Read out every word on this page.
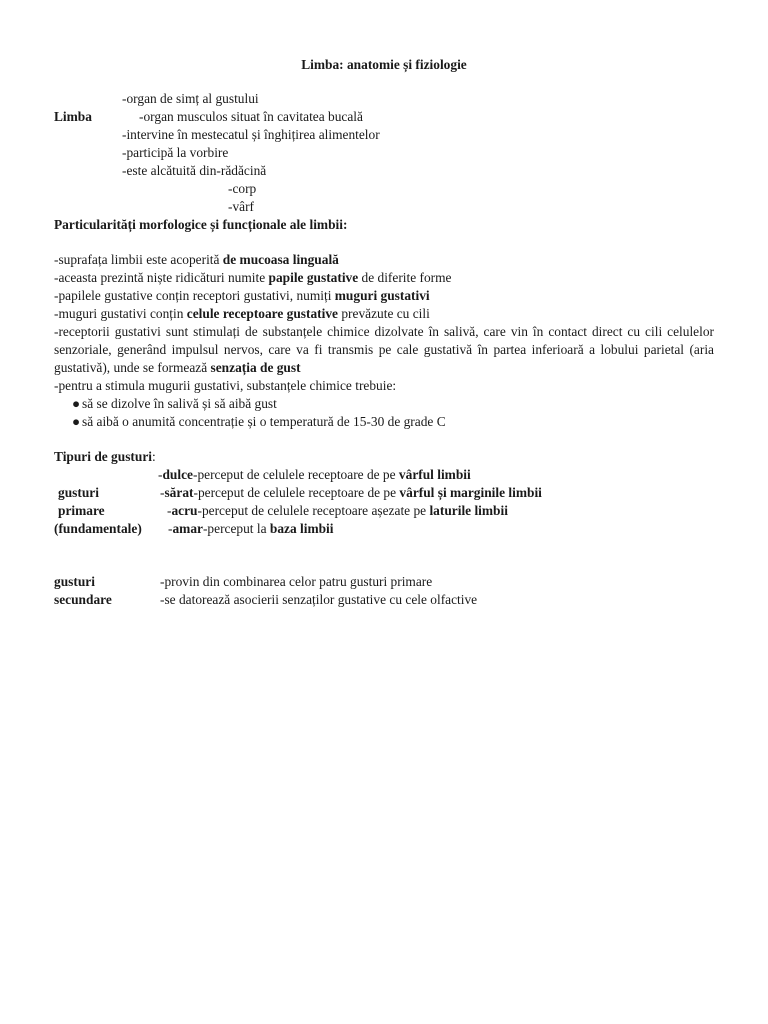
Limba: anatomie și fiziologie
-organ de simț al gustului
Limba	-organ musculos situat în cavitatea bucală
-intervine în mestecatul și înghițirea alimentelor
-participă la vorbire
-este alcătuită din-rădăcină
-corp
-vârf
Particularități morfologice și funcționale ale limbii:
-suprafața limbii este acoperită de mucoasa linguală
-aceasta prezintă niște ridicături numite papile gustative de diferite forme
-papilele gustative conțin receptori gustativi, numiți muguri gustativi
-muguri gustativi conțin celule receptoare gustative prevăzute cu cili
-receptorii gustativi sunt stimulați de substanțele chimice dizolvate în salivă, care vin în contact direct cu cili celulelor senzoriale, generând impulsul nervos, care va fi transmis pe cale gustativă în partea inferioară a lobului parietal (aria gustativă), unde se formează senzația de gust
-pentru a stimula mugurii gustativi, substanțele chimice trebuie:
● să se dizolve în salivă și să aibă gust
● să aibă o anumită concentrație și o temperatură de 15-30 de grade C
Tipuri de gusturi:
-dulce-perceput de celulele receptoare de pe vârful limbii
gusturi	-sărat-perceput de celulele receptoare de pe vârful și marginile limbii
primare	-acru-perceput de celulele receptoare așezate pe laturile limbii
(fundamentale) -amar-perceput la baza limbii
gusturi	-provin din combinarea celor patru gusturi primare
secundare	-se datorează asocierii senzaților gustative cu cele olfactive
